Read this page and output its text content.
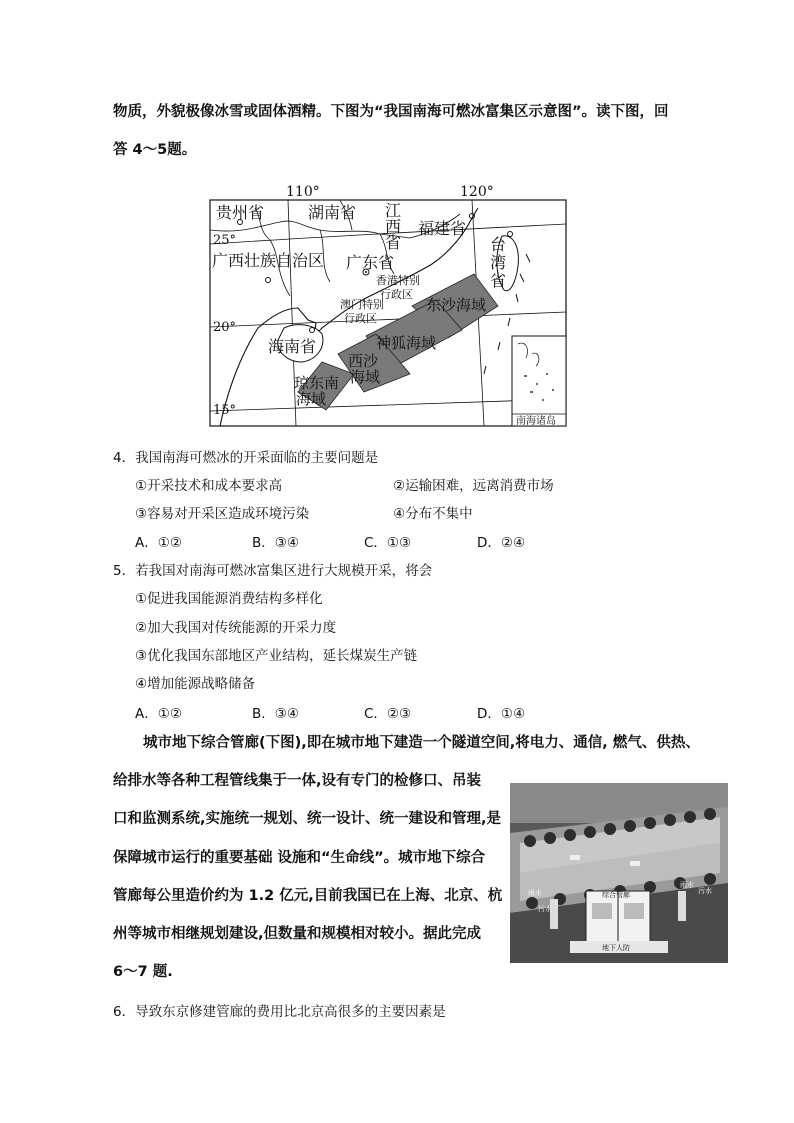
物质，外貌极像冰雪或固体酒精。下图为“我国南海可燃冰富集区示意图”。读下图，回
答 4～5题。
110°	120°
25°
20°
15°
贵州省	湖南省 江
西
省
福建省
台
湾
省
广西壮族自治区 广东省
海南省
香港特别
行政区
澳门特别
行政区
东沙海域
神狐海域
西沙
海域
琼东南
海域
南海诸岛
4．我国南海可燃冰的开采面临的主要问题是
①开采技术和成本要求高	②运输困难，远离消费市场
③容易对开采区造成环境污染	④分布不集中
A．①②	B．③④	C．①③	D．②④
5．若我国对南海可燃冰富集区进行大规模开采，将会
①促进我国能源消费结构多样化
②加大我国对传统能源的开采力度
③优化我国东部地区产业结构，延长煤炭生产链
④增加能源战略储备
A．①②	B．③④	C．②③	D．①④
城市地下综合管廊(下图),即在城市地下建造一个隧道空间,将电力、通信, 燃气、供热、
给排水等各种工程管线集于一体,设有专门的检修口、吊装
口和监测系统,实施统一规划、统一设计、统一建设和管理,是
保障城市运行的重要基础 设施和“生命线”。城市地下综合
管廊每公里造价约为 1.2 亿元,目前我国已在上海、北京、杭
州等城市相继规划建设,但数量和规模相对较小。据此完成
6～7 题.
综合管廊
雨水
污水
雨水
污水
地下人防
6．导致东京修建管廊的费用比北京高很多的主要因素是
